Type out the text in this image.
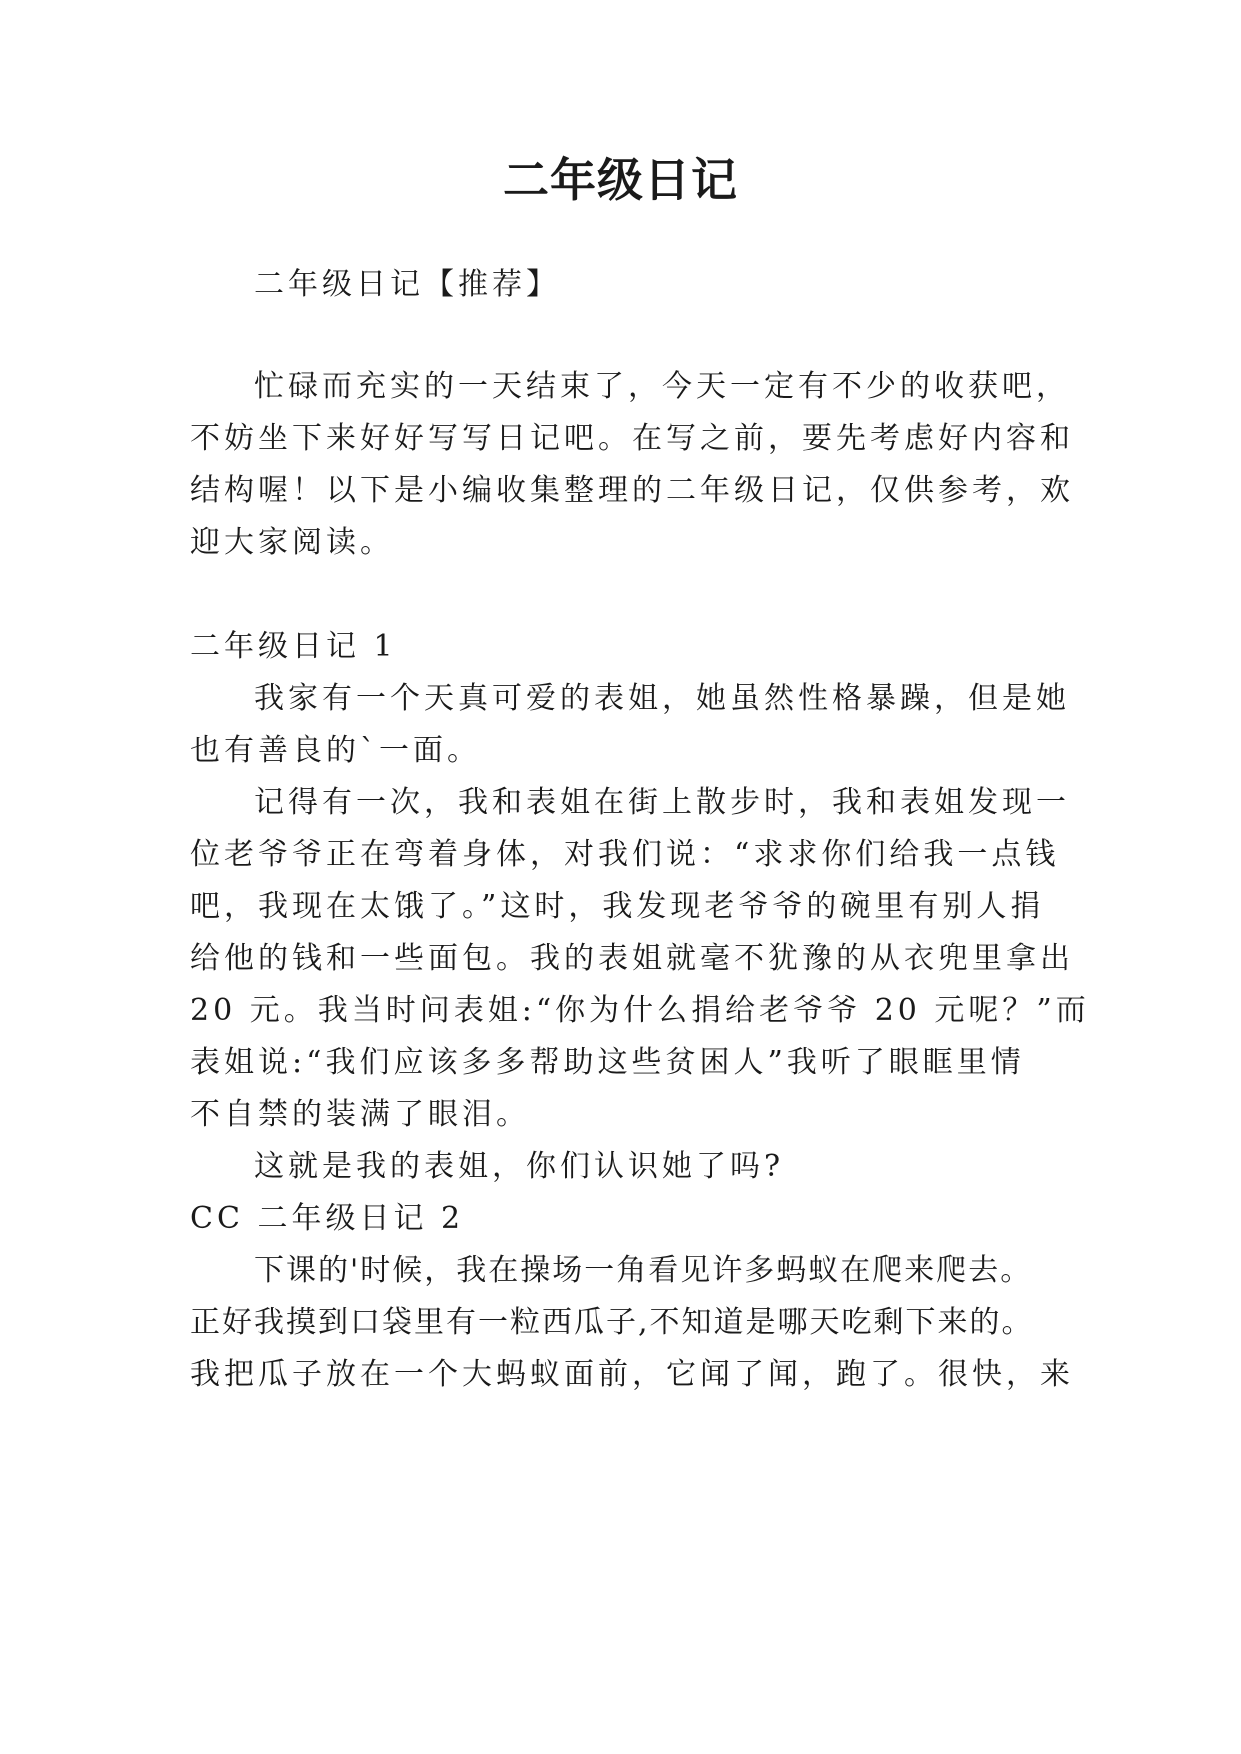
二年级日记
二年级日记【推荐】
忙碌而充实的一天结束了，今天一定有不少的收获吧，
不妨坐下来好好写写日记吧。在写之前，要先考虑好内容和
结构喔！以下是小编收集整理的二年级日记，仅供参考，欢
迎大家阅读。
二年级日记 1
我家有一个天真可爱的表姐，她虽然性格暴躁，但是她
也有善良的`一面。
记得有一次，我和表姐在街上散步时，我和表姐发现一
位老爷爷正在弯着身体，对我们说：“求求你们给我一点钱
吧，我现在太饿了。”这时，我发现老爷爷的碗里有别人捐
给他的钱和一些面包。我的表姐就毫不犹豫的从衣兜里拿出
20 元。我当时问表姐:“你为什么捐给老爷爷 20 元呢？”而
表姐说:“我们应该多多帮助这些贫困人”我听了眼眶里情
不自禁的装满了眼泪。
这就是我的表姐，你们认识她了吗?
CC 二年级日记 2
下课的'时候，我在操场一角看见许多蚂蚁在爬来爬去。
正好我摸到口袋里有一粒西瓜子,不知道是哪天吃剩下来的。
我把瓜子放在一个大蚂蚁面前，它闻了闻，跑了。很快，来
